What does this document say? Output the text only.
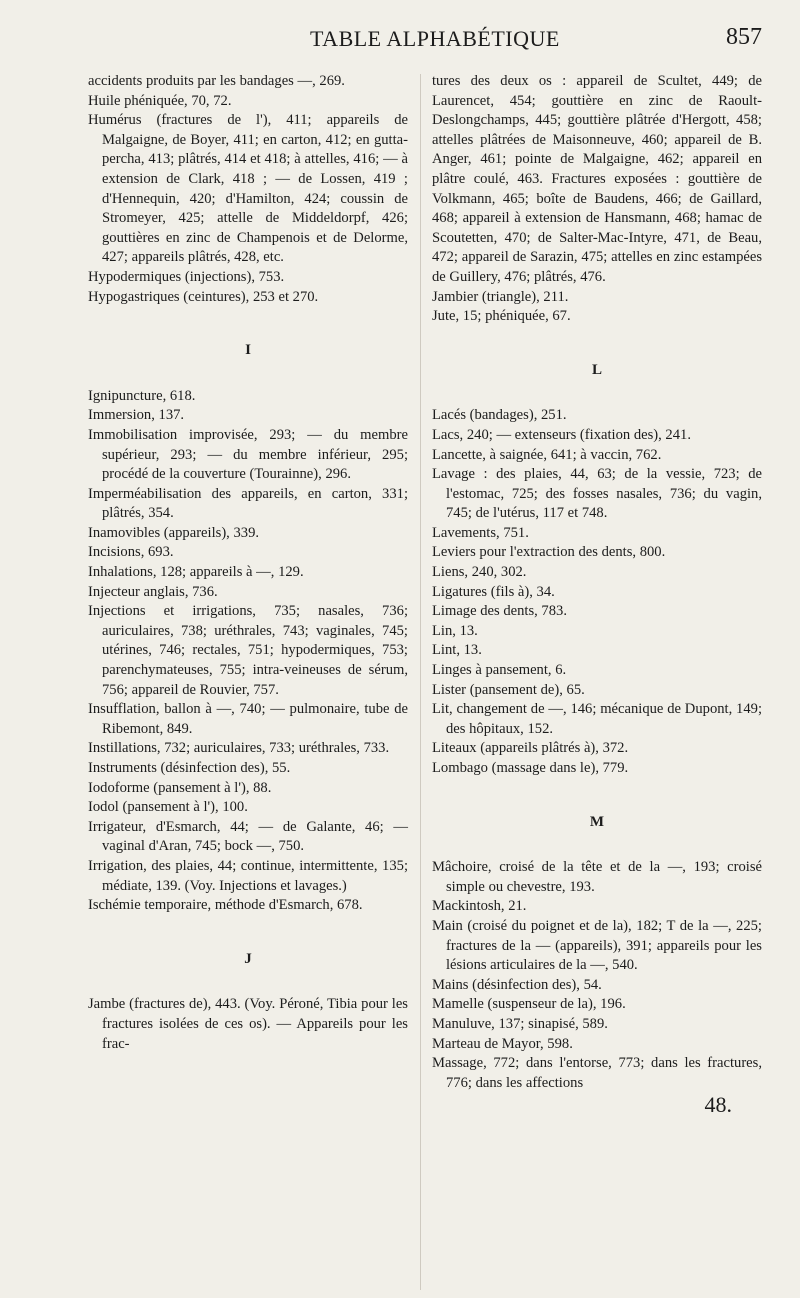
TABLE ALPHABÉTIQUE	857

accidents produits par les bandages —, 269.

Huile phéniquée, 70, 72.

Humérus (fractures de l'), 411; appareils de Malgaigne, de Boyer, 411; en carton, 412; en gutta-percha, 413; plâtrés, 414 et 418; à attelles, 416; — à extension de Clark, 418 ; — de Lossen, 419 ; d'Hennequin, 420; d'Hamilton, 424; coussin de Stromeyer, 425; attelle de Middeldorpf, 426; gouttières en zinc de Champenois et de Delorme, 427; appareils plâtrés, 428, etc.

Hypodermiques (injections), 753.

Hypogastriques (ceintures), 253 et 270.

I

Ignipuncture, 618.

Immersion, 137.

Immobilisation improvisée, 293; — du membre supérieur, 293; — du membre inférieur, 295; procédé de la couverture (Tourainne), 296.

Imperméabilisation des appareils, en carton, 331; plâtrés, 354.

Inamovibles (appareils), 339.

Incisions, 693.

Inhalations, 128; appareils à —, 129.

Injecteur anglais, 736.

Injections et irrigations, 735; nasales, 736; auriculaires, 738; uréthrales, 743; vaginales, 745; utérines, 746; rectales, 751; hypodermiques, 753; parenchymateuses, 755; intra-veineuses de sérum, 756; appareil de Rouvier, 757.

Insufflation, ballon à —, 740; — pulmonaire, tube de Ribemont, 849.

Instillations, 732; auriculaires, 733; uréthrales, 733.

Instruments (désinfection des), 55.

Iodoforme (pansement à l'), 88.

Iodol (pansement à l'), 100.

Irrigateur, d'Esmarch, 44; — de Galante, 46; — vaginal d'Aran, 745; bock —, 750.

Irrigation, des plaies, 44; continue, intermittente, 135; médiate, 139. (Voy. Injections et lavages.)

Ischémie temporaire, méthode d'Esmarch, 678.

J

Jambe (fractures de), 443. (Voy. Péroné, Tibia pour les fractures isolées de ces os). — Appareils pour les frac-

tures des deux os : appareil de Scultet, 449; de Laurencet, 454; gouttière en zinc de Raoult-Deslongchamps, 445; gouttière plâtrée d'Hergott, 458; attelles plâtrées de Maisonneuve, 460; appareil de B. Anger, 461; pointe de Malgaigne, 462; appareil en plâtre coulé, 463. Fractures exposées : gouttière de Volkmann, 465; boîte de Baudens, 466; de Gaillard, 468; appareil à extension de Hansmann, 468; hamac de Scoutetten, 470; de Salter-Mac-Intyre, 471, de Beau, 472; appareil de Sarazin, 475; attelles en zinc estampées de Guillery, 476; plâtrés, 476.

Jambier (triangle), 211.

Jute, 15; phéniquée, 67.

L

Lacés (bandages), 251.

Lacs, 240; — extenseurs (fixation des), 241.

Lancette, à saignée, 641; à vaccin, 762.

Lavage : des plaies, 44, 63; de la vessie, 723; de l'estomac, 725; des fosses nasales, 736; du vagin, 745; de l'utérus, 117 et 748.

Lavements, 751.

Leviers pour l'extraction des dents, 800.

Liens, 240, 302.

Ligatures (fils à), 34.

Limage des dents, 783.

Lin, 13.

Lint, 13.

Linges à pansement, 6.

Lister (pansement de), 65.

Lit, changement de —, 146; mécanique de Dupont, 149; des hôpitaux, 152.

Liteaux (appareils plâtrés à), 372.

Lombago (massage dans le), 779.

M

Mâchoire, croisé de la tête et de la —, 193; croisé simple ou chevestre, 193.

Mackintosh, 21.

Main (croisé du poignet et de la), 182; T de la —, 225; fractures de la — (appareils), 391; appareils pour les lésions articulaires de la —, 540.

Mains (désinfection des), 54.

Mamelle (suspenseur de la), 196.

Manuluve, 137; sinapisé, 589.

Marteau de Mayor, 598.

Massage, 772; dans l'entorse, 773; dans les fractures, 776; dans les affections

48.
